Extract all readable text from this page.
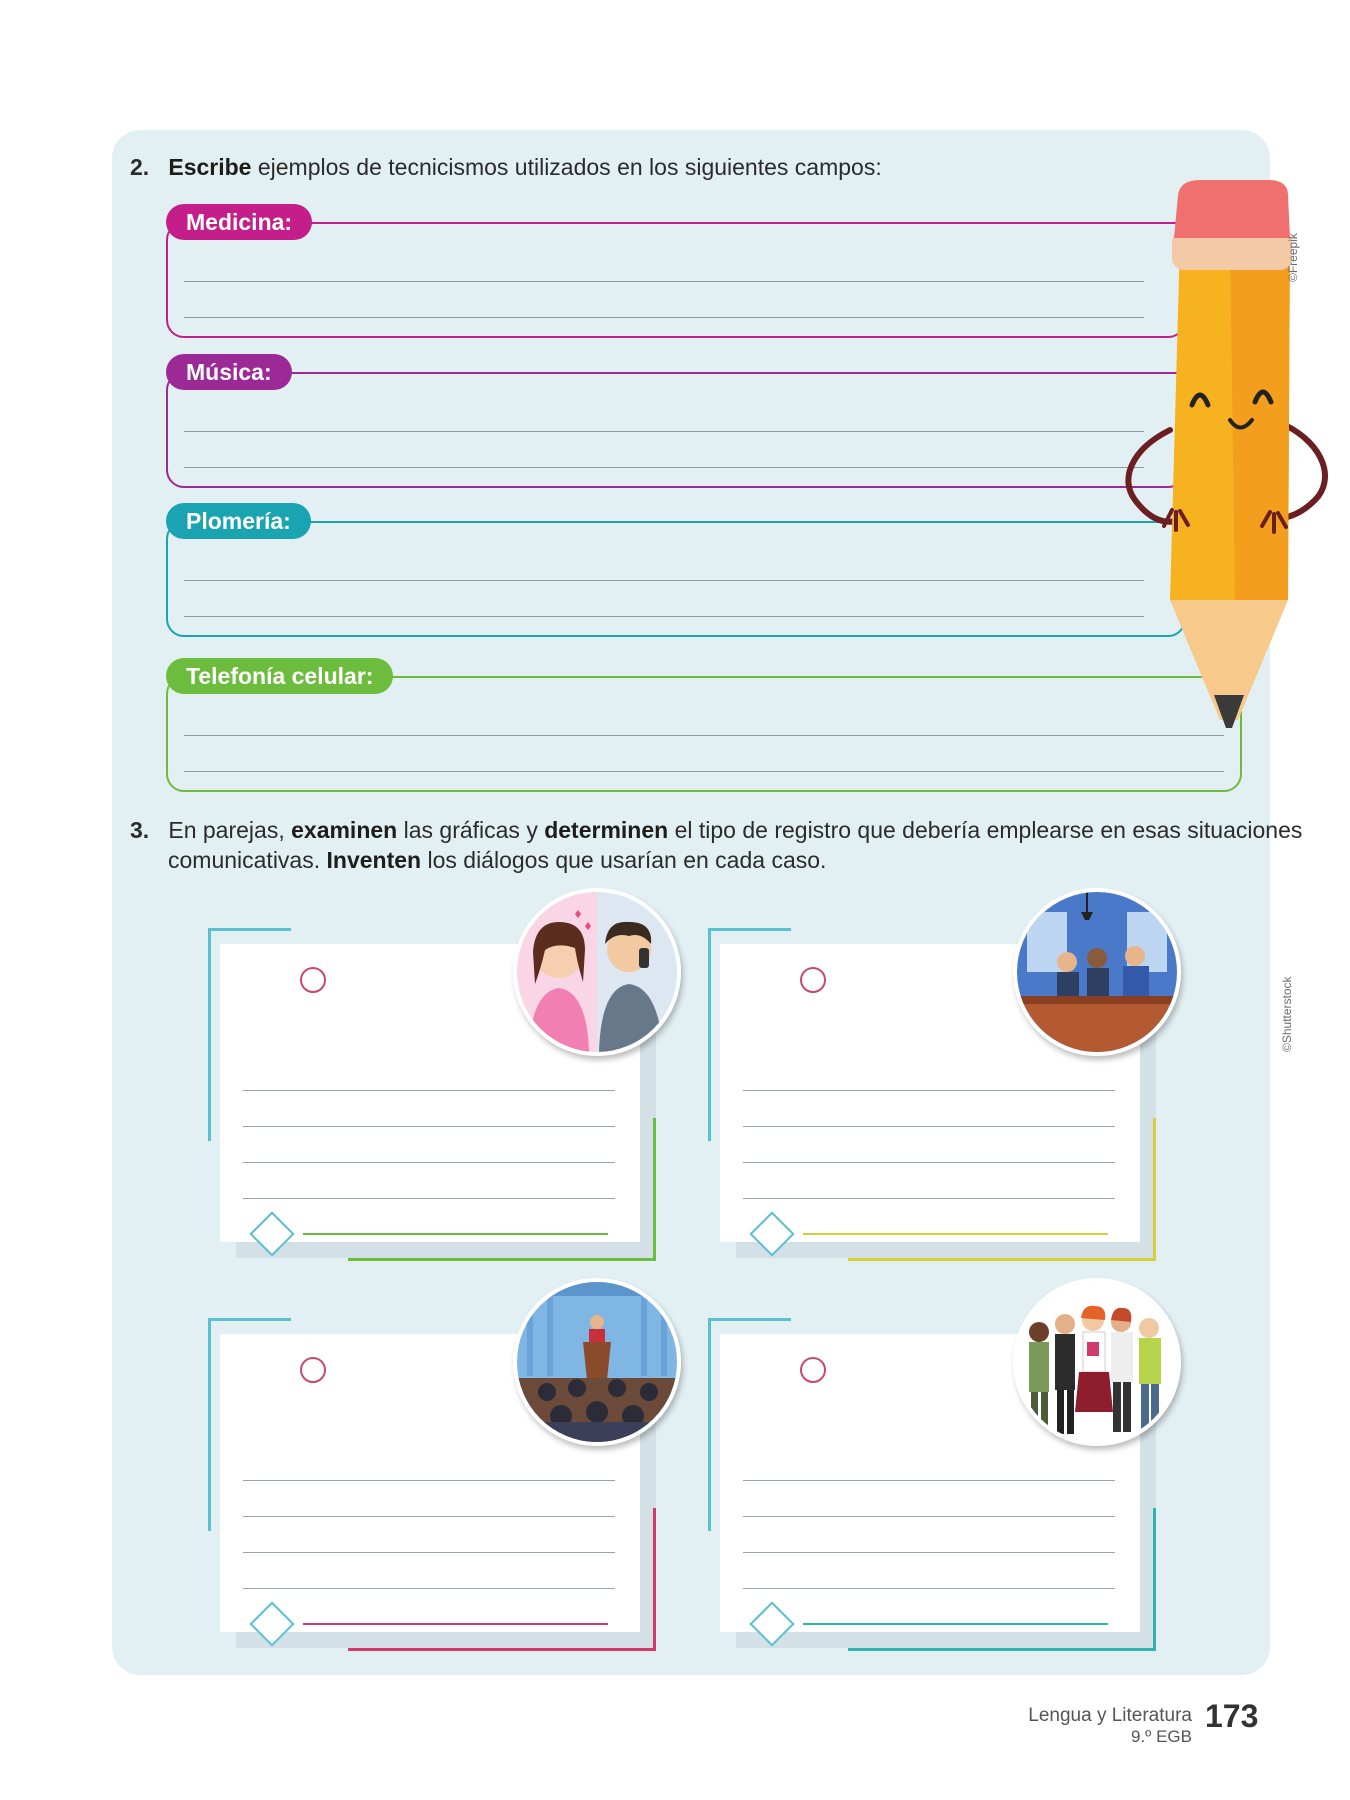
2. Escribe ejemplos de tecnicismos utilizados en los siguientes campos:
Medicina:
Música:
Plomería:
Telefonía celular:
©Freepik
3. En parejas, examinen las gráficas y determinen el tipo de registro que debería emplearse en esas situaciones
comunicativas. Inventen los diálogos que usarían en cada caso.
©Shutterstock
Lengua y Literatura
9.º EGB
173
